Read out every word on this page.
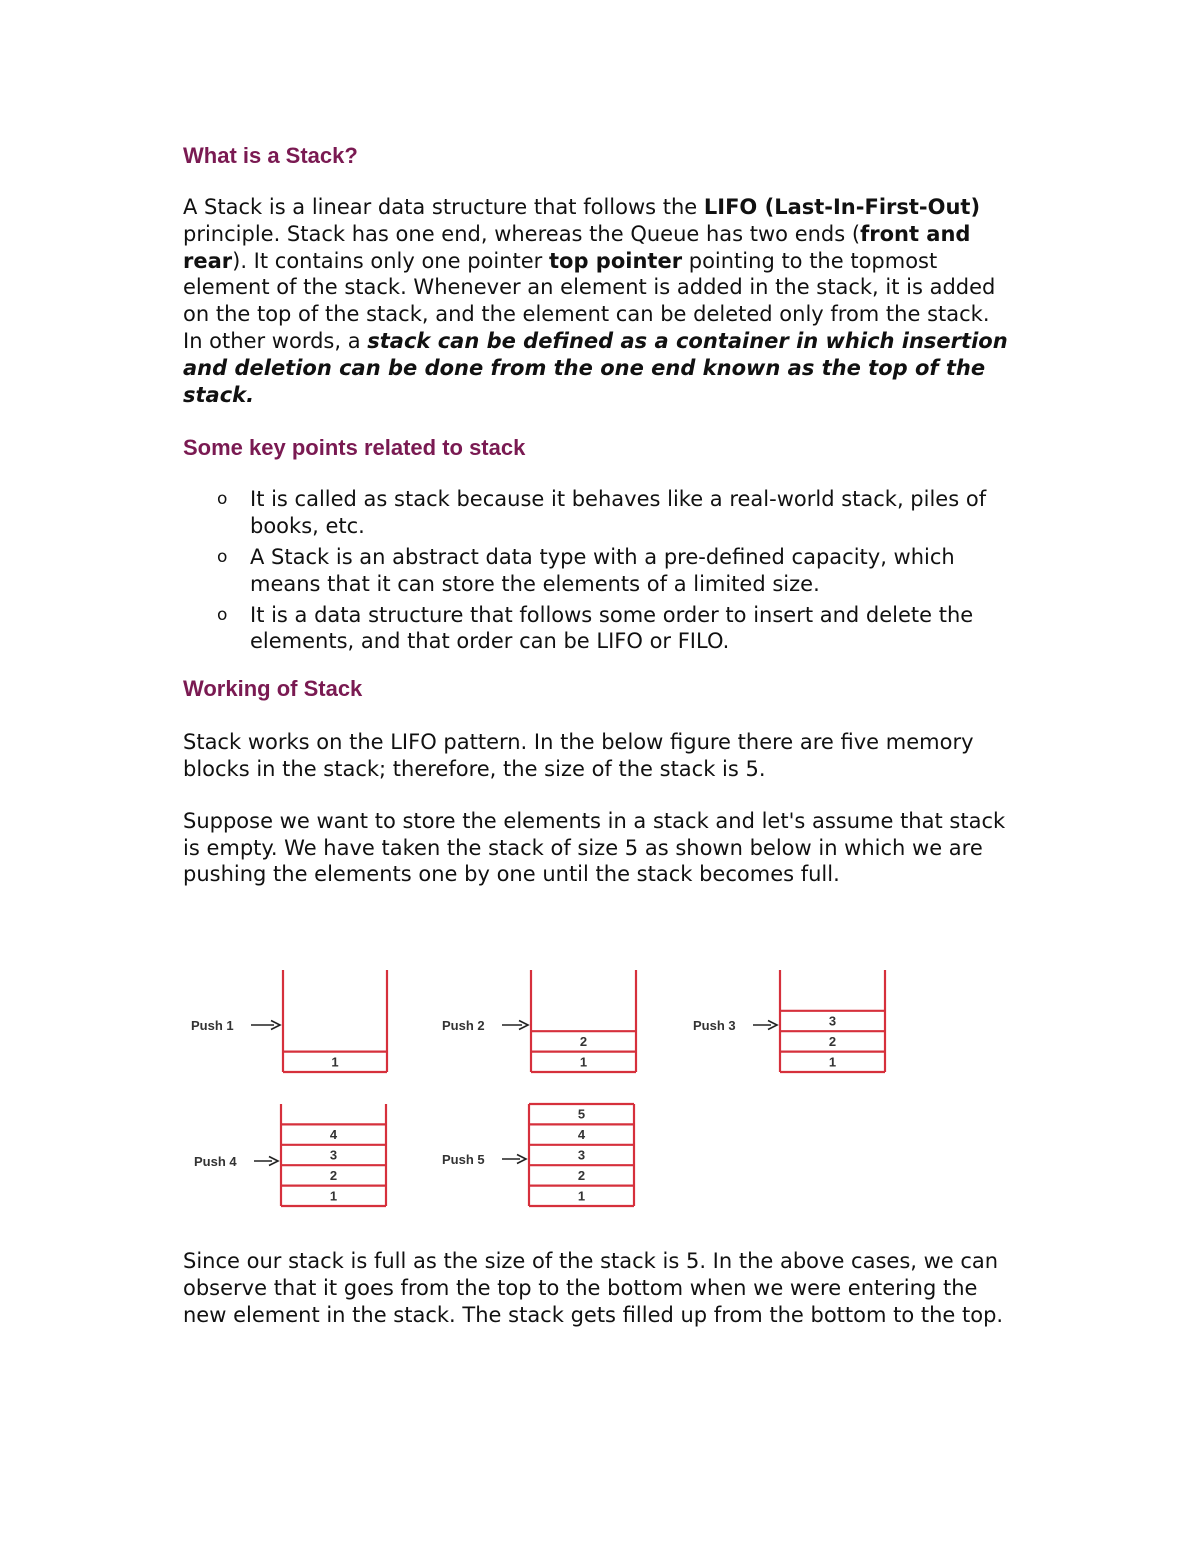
What is a Stack?

A Stack is a linear data structure that follows the LIFO (Last-In-First-Out) principle. Stack has one end, whereas the Queue has two ends (front and rear). It contains only one pointer top pointer pointing to the topmost element of the stack. Whenever an element is added in the stack, it is added on the top of the stack, and the element can be deleted only from the stack. In other words, a stack can be defined as a container in which insertion and deletion can be done from the one end known as the top of the stack.

Some key points related to stack
o It is called as stack because it behaves like a real-world stack, piles of books, etc.
o A Stack is an abstract data type with a pre-defined capacity, which means that it can store the elements of a limited size.
o It is a data structure that follows some order to insert and delete the elements, and that order can be LIFO or FILO.
Working of Stack

Stack works on the LIFO pattern. In the below figure there are five memory blocks in the stack; therefore, the size of the stack is 5.

Suppose we want to store the elements in a stack and let's assume that stack is empty. We have taken the stack of size 5 as shown below in which we are pushing the elements one by one until the stack becomes full.

1
Push 1
1
2
Push 2
1
2
3
Push 3
1
2
3
4
Push 4
1
2
3
4
5
Push 5

Since our stack is full as the size of the stack is 5. In the above cases, we can observe that it goes from the top to the bottom when we were entering the new element in the stack. The stack gets filled up from the bottom to the top.
